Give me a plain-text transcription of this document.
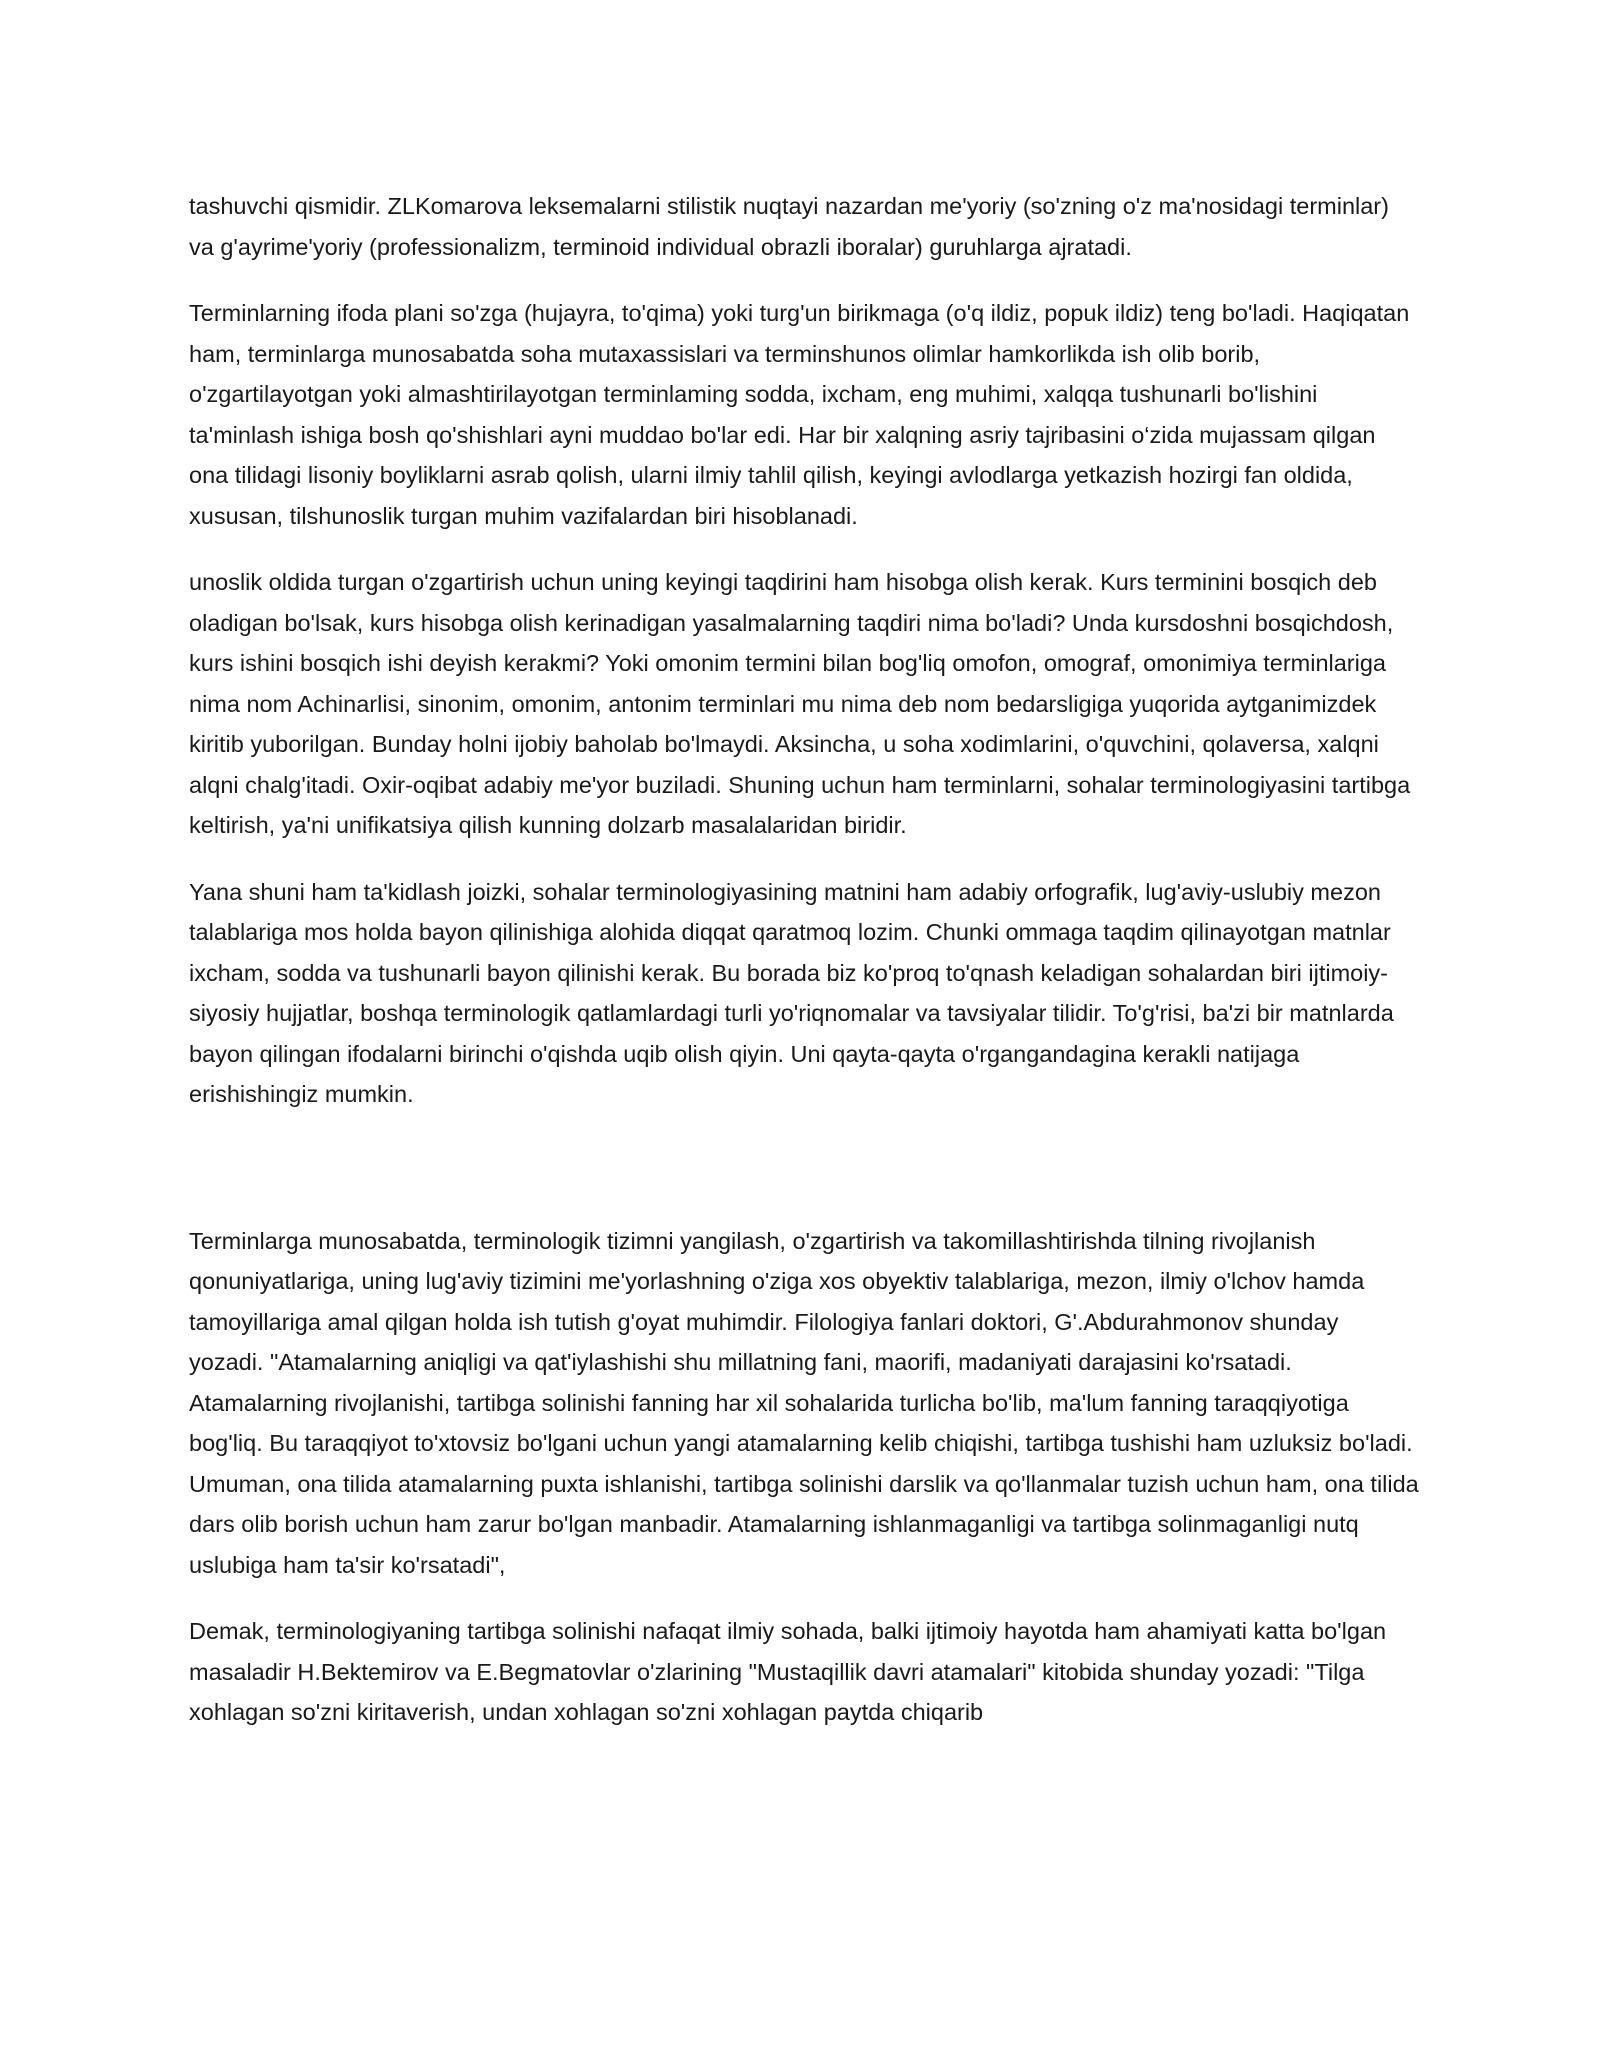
tashuvchi qismidir. ZLKomarova leksemalarni stilistik nuqtayi nazardan me'yoriy (so'zning o'z ma'nosidagi terminlar) va g'ayrime'yoriy (professionalizm, terminoid individual obrazli iboralar) guruhlarga ajratadi.

Terminlarning ifoda plani so'zga (hujayra, to'qima) yoki turg'un birikmaga (o'q ildiz, popuk ildiz) teng bo'ladi. Haqiqatan ham, terminlarga munosabatda soha mutaxassislari va terminshunos olimlar hamkorlikda ish olib borib, o'zgartilayotgan yoki almashtirilayotgan terminlaming sodda, ixcham, eng muhimi, xalqqa tushunarli bo'lishini ta'minlash ishiga bosh qo'shishlari ayni muddao bo'lar edi. Har bir xalqning asriy tajribasini o‘zida mujassam qilgan ona tilidagi lisoniy boyliklarni asrab qolish, ularni ilmiy tahlil qilish, keyingi avlodlarga yetkazish hozirgi fan oldida, xususan, tilshunoslik turgan muhim vazifalardan biri hisoblanadi.

unoslik oldida turgan o'zgartirish uchun uning keyingi taqdirini ham hisobga olish kerak. Kurs terminini bosqich deb oladigan bo'lsak, kurs hisobga olish kerinadigan yasalmalarning taqdiri nima bo'ladi? Unda kursdoshni bosqichdosh, kurs ishini bosqich ishi deyish kerakmi? Yoki omonim termini bilan bog'liq omofon, omograf, omonimiya terminlariga nima nom Achinarlisi, sinonim, omonim, antonim terminlari mu nima deb nom bedarsligiga yuqorida aytganimizdek kiritib yuborilgan. Bunday holni ijobiy baholab bo'lmaydi. Aksincha, u soha xodimlarini, o'quvchini, qolaversa, xalqni alqni chalg'itadi. Oxir-oqibat adabiy me'yor buziladi. Shuning uchun ham terminlarni, sohalar terminologiyasini tartibga keltirish, ya'ni unifikatsiya qilish kunning dolzarb masalalaridan biridir.

Yana shuni ham ta'kidlash joizki, sohalar terminologiyasining matnini ham adabiy orfografik, lug'aviy-uslubiy mezon talablariga mos holda bayon qilinishiga alohida diqqat qaratmoq lozim. Chunki ommaga taqdim qilinayotgan matnlar ixcham, sodda va tushunarli bayon qilinishi kerak. Bu borada biz ko'proq to'qnash keladigan sohalardan biri ijtimoiy-siyosiy hujjatlar, boshqa terminologik qatlamlardagi turli yo'riqnomalar va tavsiyalar tilidir. To'g'risi, ba'zi bir matnlarda bayon qilingan ifodalarni birinchi o'qishda uqib olish qiyin. Uni qayta-qayta o'rgangandagina kerakli natijaga erishishingiz mumkin.

Terminlarga munosabatda, terminologik tizimni yangilash, o'zgartirish va takomillashtirishda tilning rivojlanish qonuniyatlariga, uning lug'aviy tizimini me'yorlashning o'ziga xos obyektiv talablariga, mezon, ilmiy o'lchov hamda tamoyillariga amal qilgan holda ish tutish g'oyat muhimdir. Filologiya fanlari doktori, G'.Abdurahmonov shunday yozadi. "Atamalarning aniqligi va qat'iylashishi shu millatning fani, maorifi, madaniyati darajasini ko'rsatadi. Atamalarning rivojlanishi, tartibga solinishi fanning har xil sohalarida turlicha bo'lib, ma'lum fanning taraqqiyotiga bog'liq. Bu taraqqiyot to'xtovsiz bo'lgani uchun yangi atamalarning kelib chiqishi, tartibga tushishi ham uzluksiz bo'ladi. Umuman, ona tilida atamalarning puxta ishlanishi, tartibga solinishi darslik va qo'llanmalar tuzish uchun ham, ona tilida dars olib borish uchun ham zarur bo'lgan manbadir. Atamalarning ishlanmaganligi va tartibga solinmaganligi nutq uslubiga ham ta'sir ko'rsatadi",

Demak, terminologiyaning tartibga solinishi nafaqat ilmiy sohada, balki ijtimoiy hayotda ham ahamiyati katta bo'lgan masaladir H.Bektemirov va E.Begmatovlar o'zlarining "Mustaqillik davri atamalari" kitobida shunday yozadi: "Tilga xohlagan so'zni kiritaverish, undan xohlagan so'zni xohlagan paytda chiqarib
